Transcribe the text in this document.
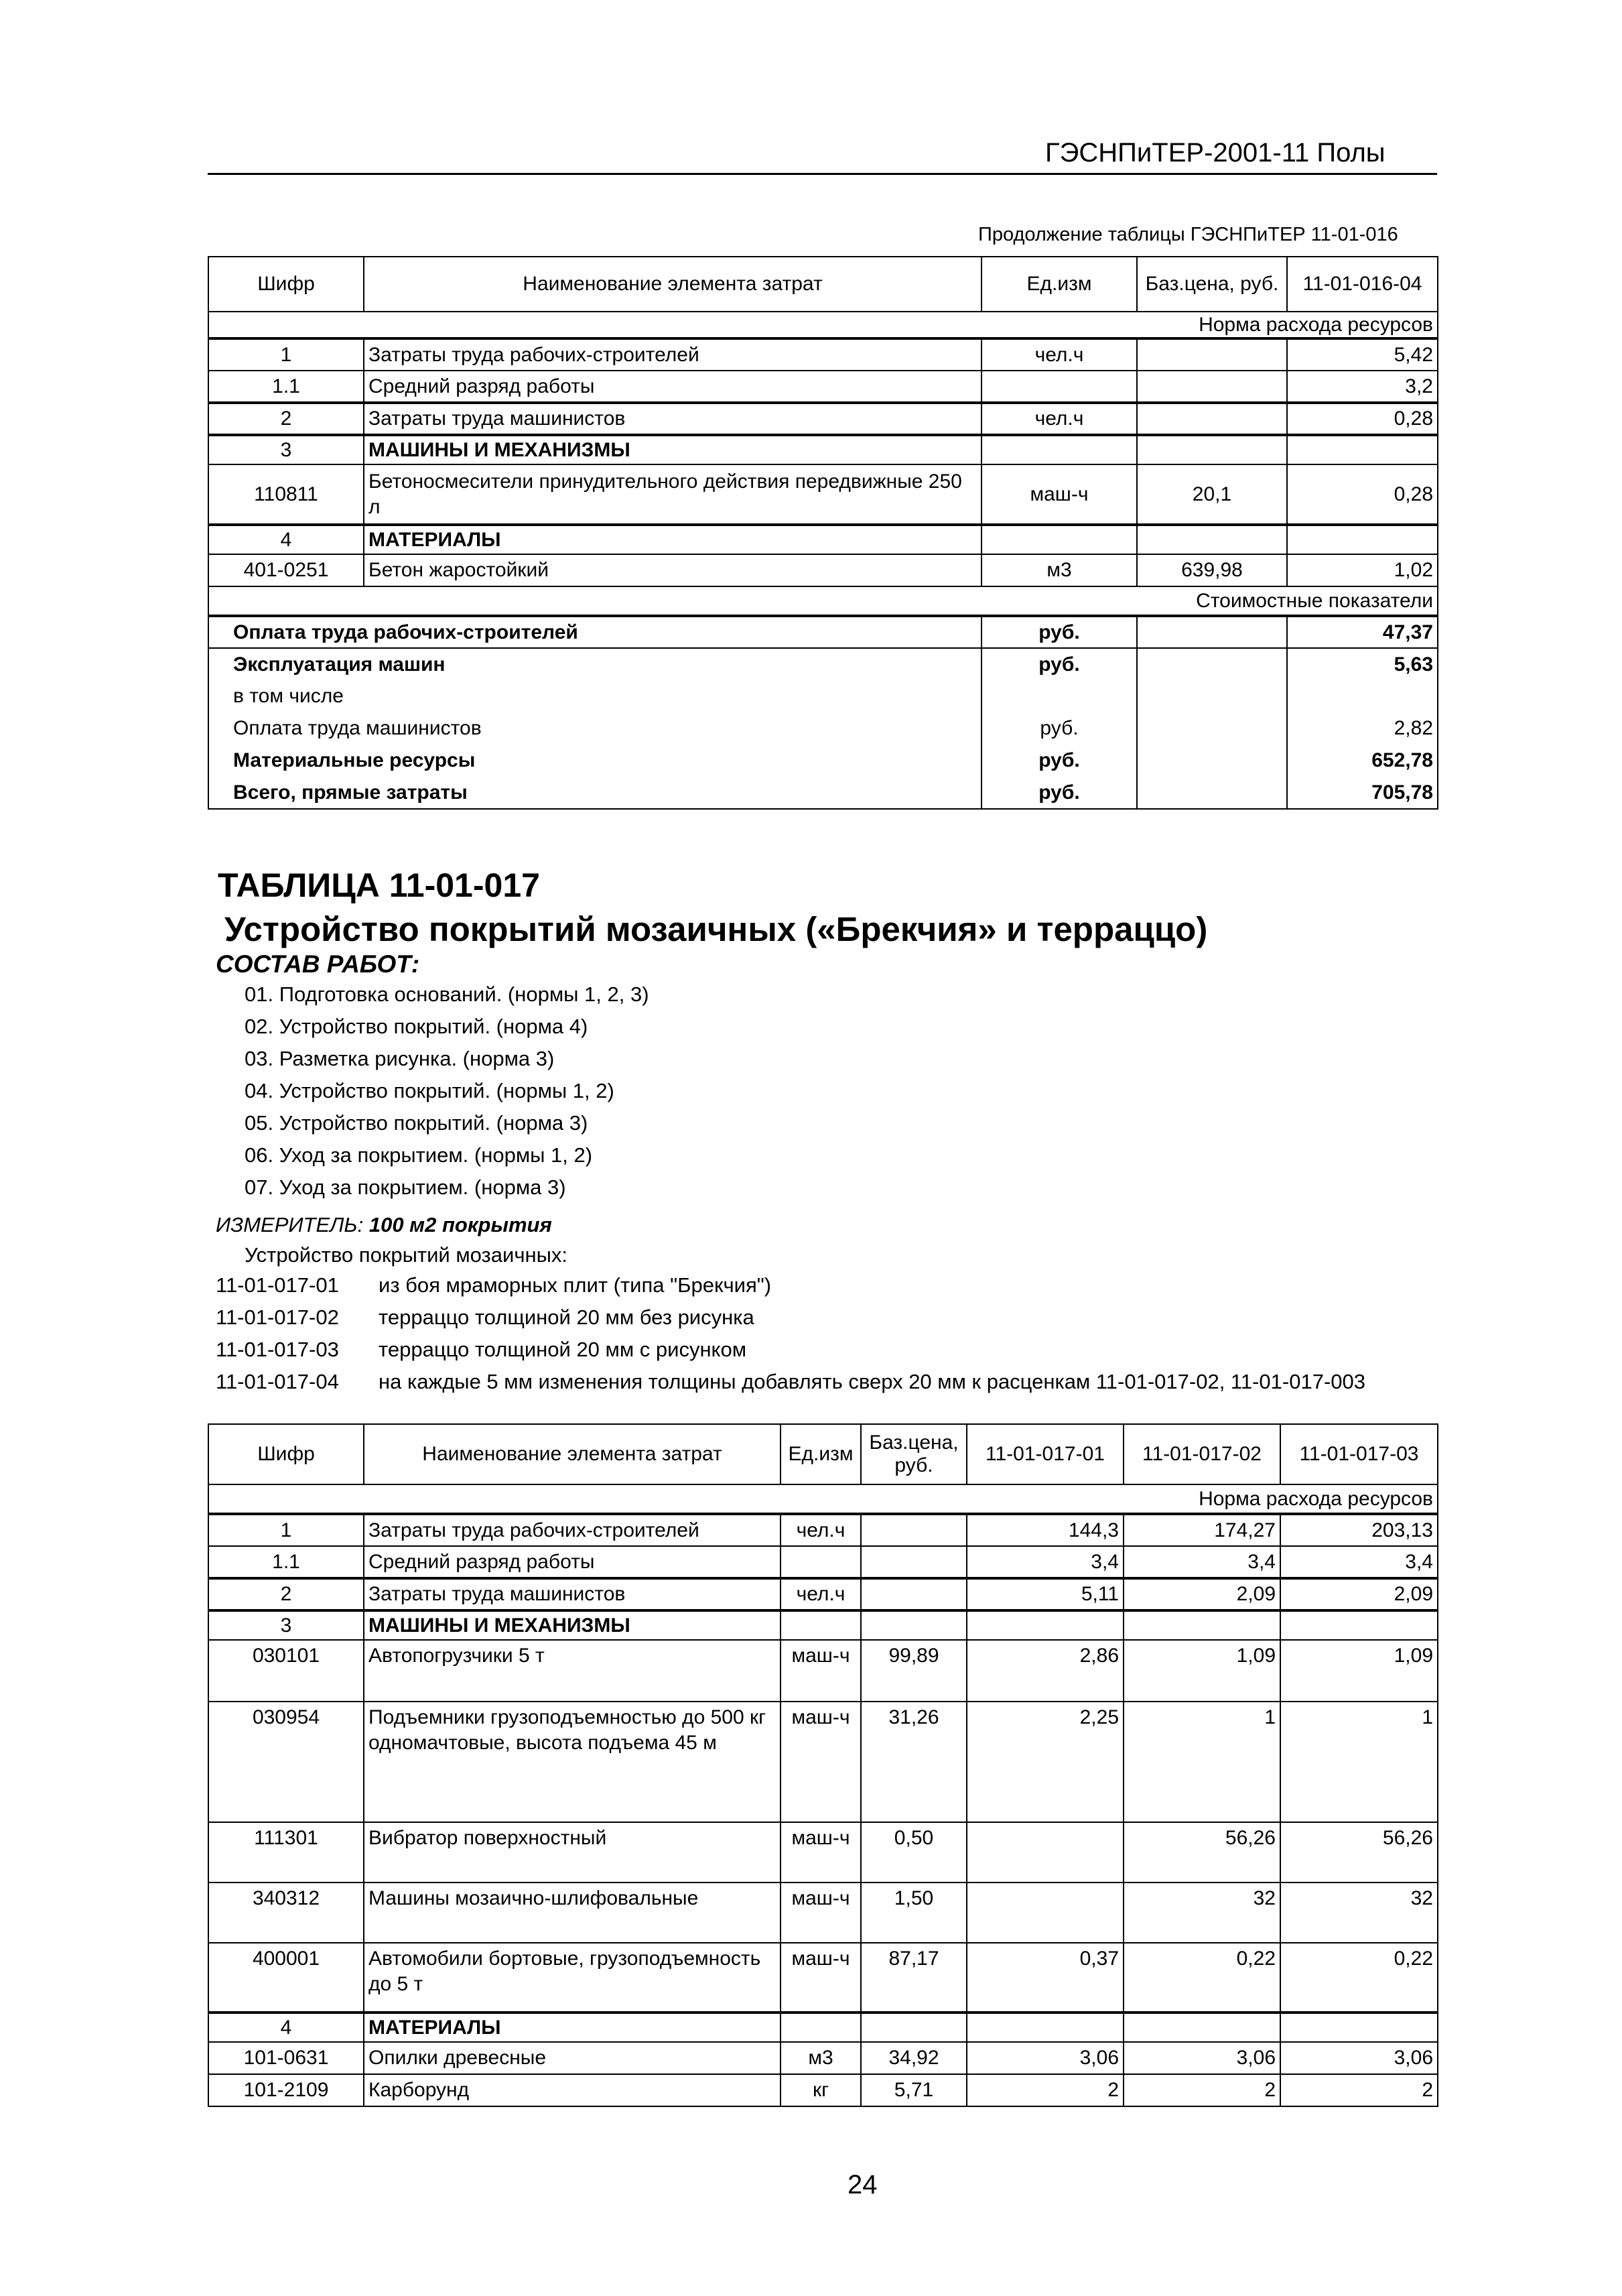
ГЭСНПиТЕР-2001-11 Полы
Продолжение таблицы ГЭСНПиТЕР 11-01-016
Шифр	Наименование элемента затрат	Ед.изм	Баз.цена, руб.	11-01-016-04
Норма расхода ресурсов				
1	Затраты труда рабочих-строителей	чел.ч		5,42
1.1	Средний разряд работы			3,2
2	Затраты труда машинистов	чел.ч		0,28
3	МАШИНЫ И МЕХАНИЗМЫ			
110811	Бетоносмесители принудительного действия передвижные 250 л	маш-ч	20,1	0,28
4	МАТЕРИАЛЫ			
401-0251	Бетон жаростойкий	м3	639,98	1,02
Стоимостные показатели				
Оплата труда рабочих-строителей		руб.		47,37
Эксплуатация машин		руб.		5,63
в том числе				
Оплата труда машинистов		руб.		2,82
Материальные ресурсы		руб.		652,78
Всего, прямые затраты		руб.		705,78
ТАБЛИЦА 11-01-017
Устройство покрытий мозаичных («Брекчия» и терраццо)
СОСТАВ РАБОТ:
01. Подготовка оснований. (нормы 1, 2, 3)
02. Устройство покрытий. (норма 4)
03. Разметка рисунка. (норма 3)
04. Устройство покрытий. (нормы 1, 2)
05. Устройство покрытий. (норма 3)
06. Уход за покрытием. (нормы 1, 2)
07. Уход за покрытием. (норма 3)
ИЗМЕРИТЕЛЬ: 100 м2 покрытия
Устройство покрытий мозаичных:
11-01-017-01 из боя мраморных плит (типа "Брекчия")
11-01-017-02 терраццо толщиной 20 мм без рисунка
11-01-017-03 терраццо толщиной 20 мм с рисунком
11-01-017-04 на каждые 5 мм изменения толщины добавлять сверх 20 мм к расценкам 11-01-017-02, 11-01-017-003
Шифр	Наименование элемента затрат	Ед.изм	Баз.цена, руб.	11-01-017-01	11-01-017-02	11-01-017-03
Норма расхода ресурсов						
1	Затраты труда рабочих-строителей	чел.ч		144,3	174,27	203,13
1.1	Средний разряд работы			3,4	3,4	3,4
2	Затраты труда машинистов	чел.ч		5,11	2,09	2,09
3	МАШИНЫ И МЕХАНИЗМЫ					
030101	Автопогрузчики 5 т	маш-ч	99,89	2,86	1,09	1,09
030954	Подъемники грузоподъемностью до 500 кг одномачтовые, высота подъема 45 м	маш-ч	31,26	2,25	1	1
111301	Вибратор поверхностный	маш-ч	0,50		56,26	56,26
340312	Машины мозаично-шлифовальные	маш-ч	1,50		32	32
400001	Автомобили бортовые, грузоподъемность до 5 т	маш-ч	87,17	0,37	0,22	0,22
4	МАТЕРИАЛЫ					
101-0631	Опилки древесные	м3	34,92	3,06	3,06	3,06
101-2109	Карборунд	кг	5,71	2	2	2
24
